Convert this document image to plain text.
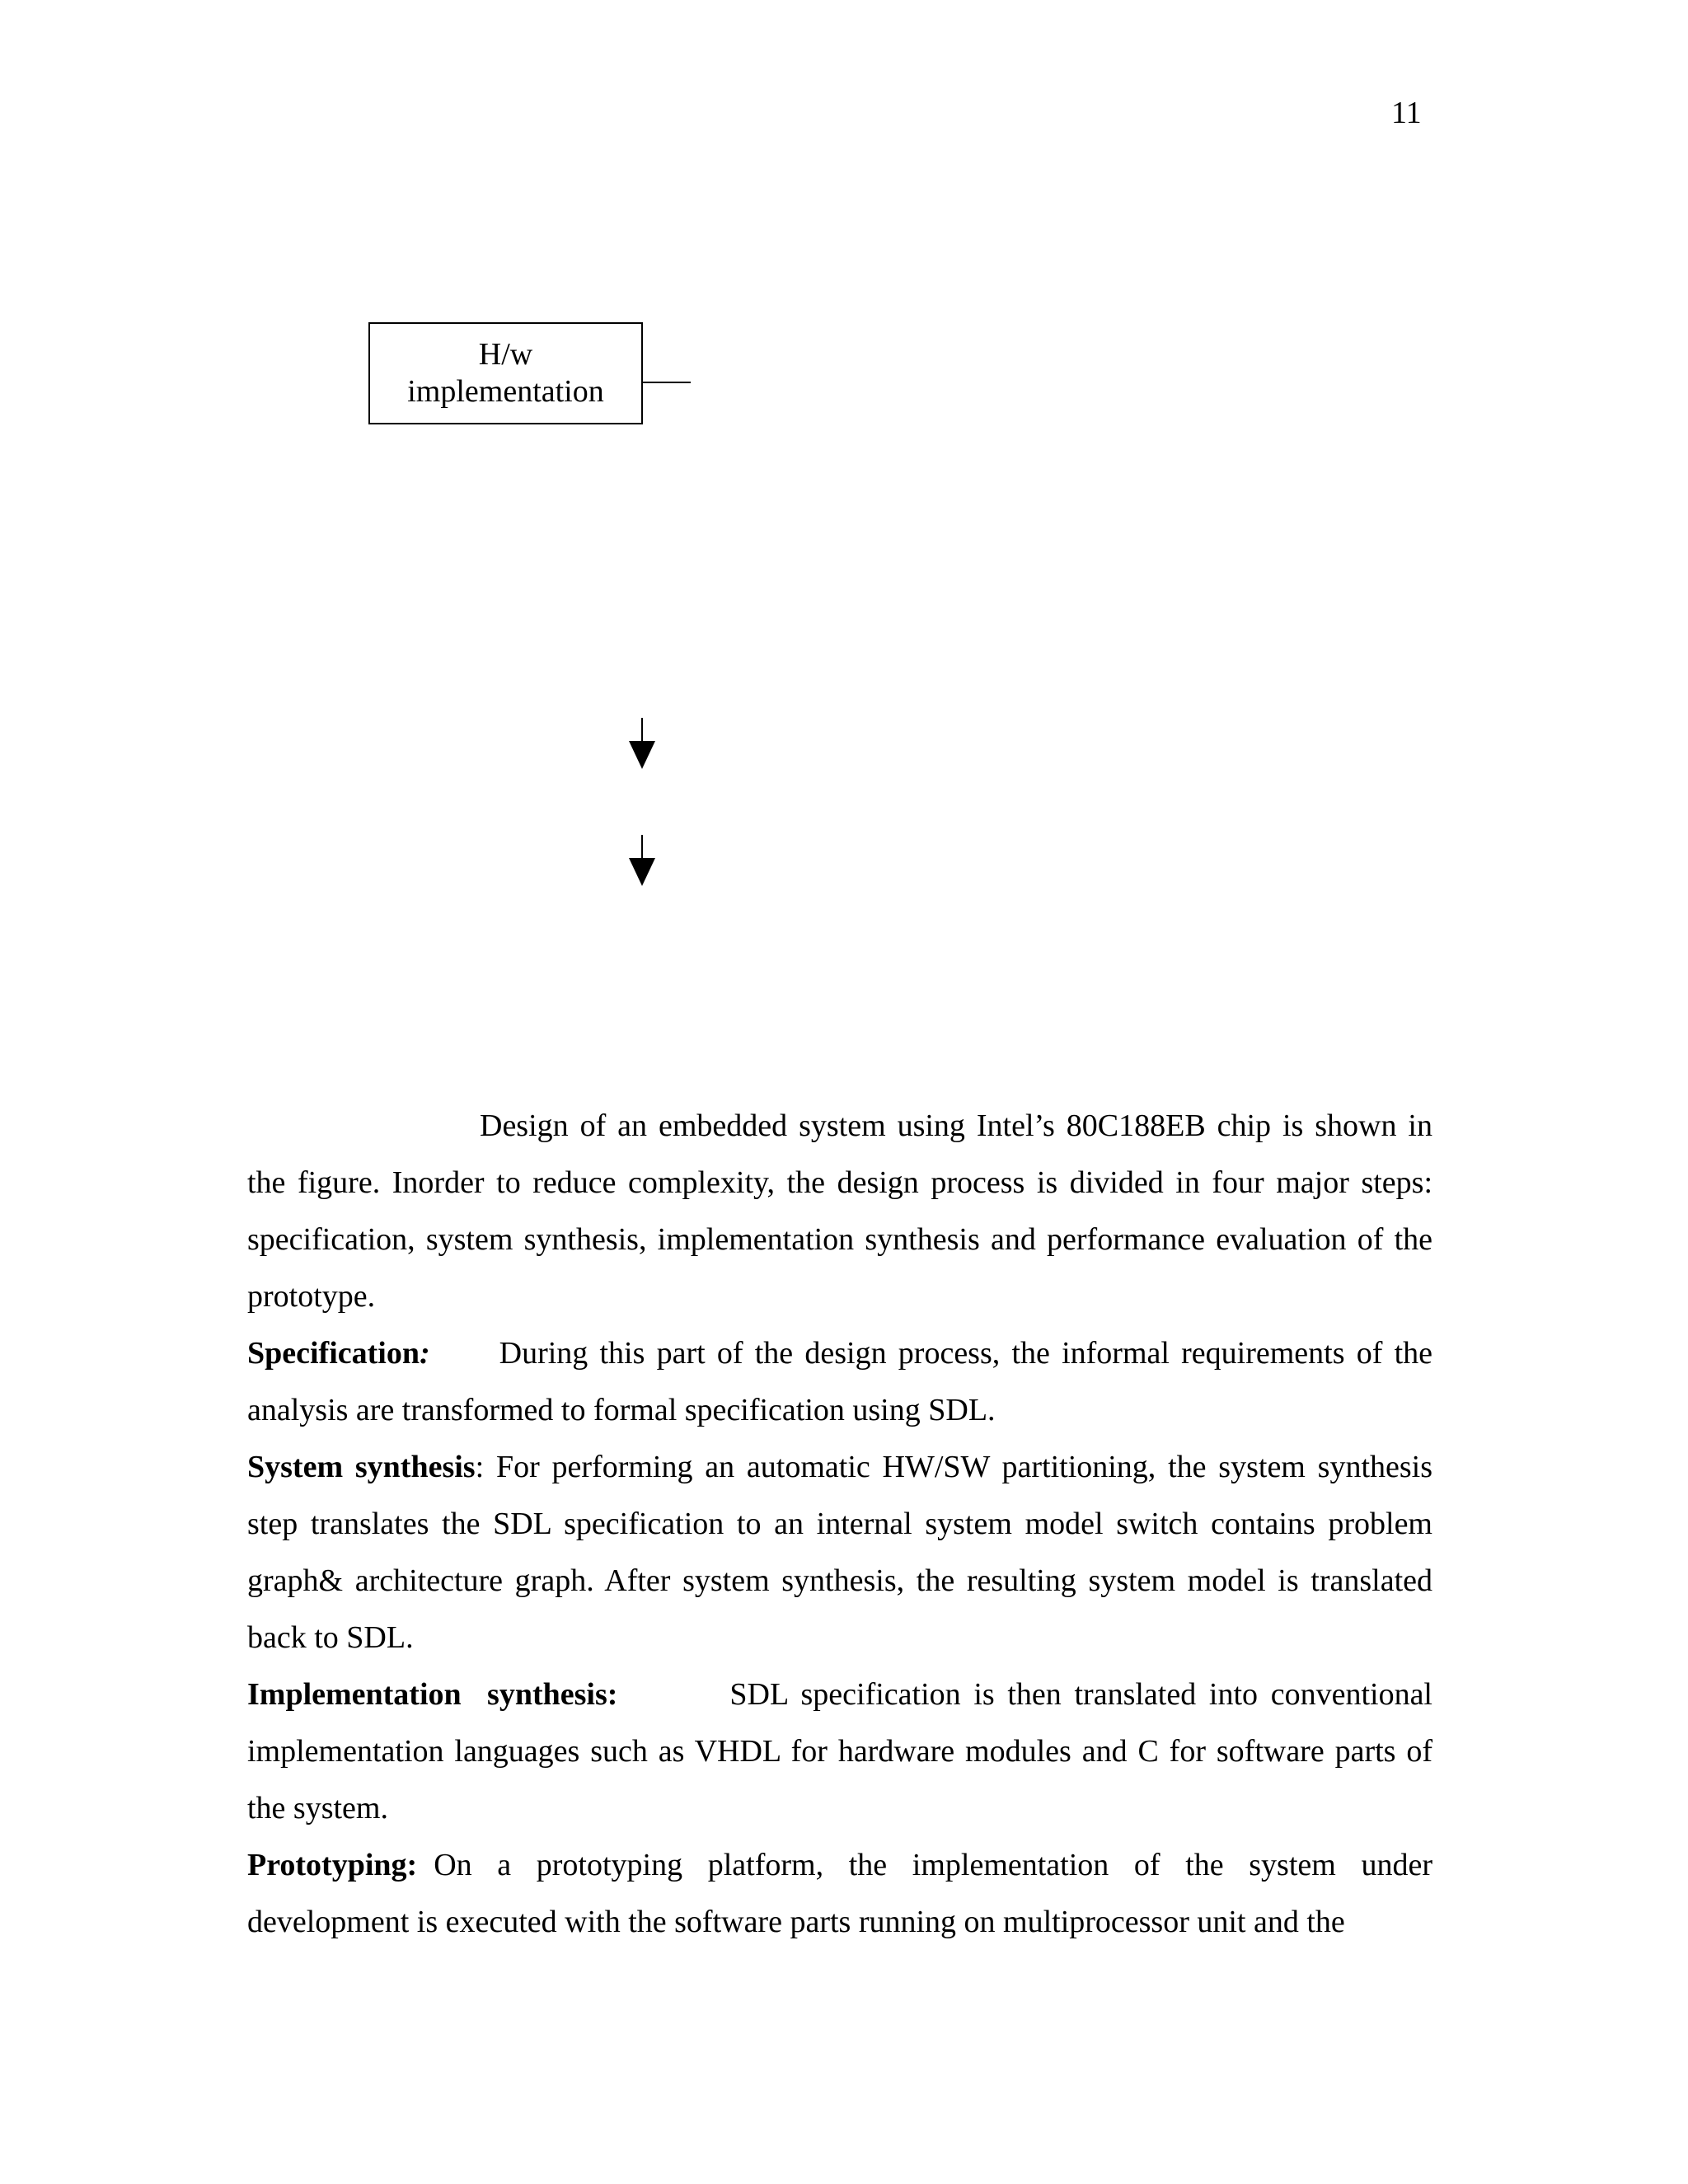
11
H/w
implementation

Design of an embedded system using Intel’s 80C188EB chip is shown in the figure. Inorder to reduce complexity, the design process is divided in four major steps: specification, system synthesis, implementation synthesis and performance evaluation of the prototype.

Specification: During this part of the design process, the informal requirements of the analysis are transformed to formal specification using SDL.

System synthesis: For performing an automatic HW/SW partitioning, the system synthesis step translates the SDL specification to an internal system model switch contains problem graph& architecture graph. After system synthesis, the resulting system model is translated back to SDL.

Implementation  synthesis:	SDL specification is then translated into conventional implementation languages such as VHDL for hardware modules and C for software parts of the system.

Prototyping: On a prototyping platform, the implementation of the system under development is executed with the software parts running on multiprocessor unit and the
